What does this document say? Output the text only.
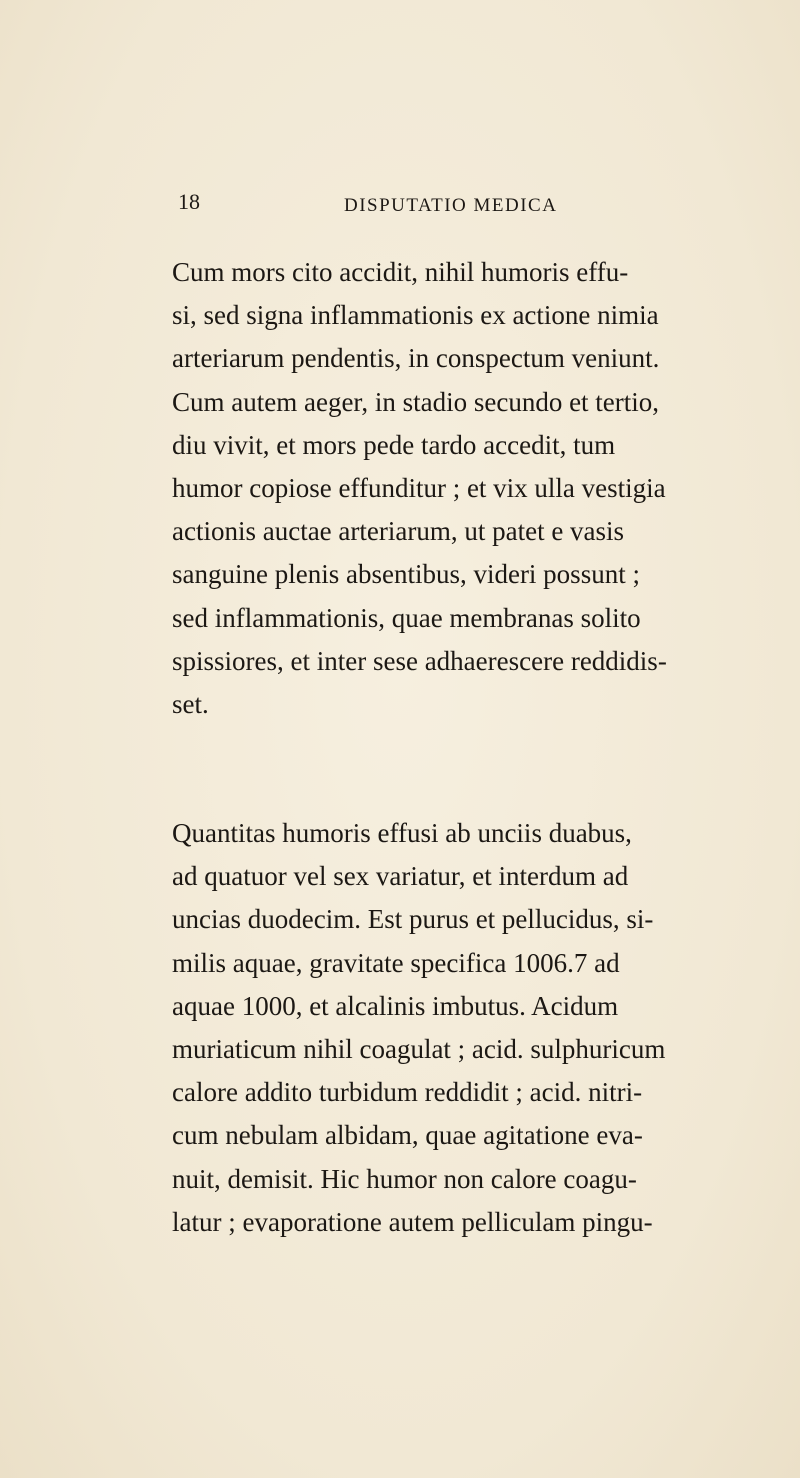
18	DISPUTATIO MEDICA
Cum mors cito accidit, nihil humoris effu-
si, sed signa inflammationis ex actione nimia
arteriarum pendentis, in conspectum veniunt.
Cum autem aeger, in stadio secundo et tertio,
diu vivit, et mors pede tardo accedit, tum
humor copiose effunditur ; et vix ulla vestigia
actionis auctae arteriarum, ut patet e vasis
sanguine plenis absentibus, videri possunt ;
sed inflammationis, quae membranas solito
spissiores, et inter sese adhaerescere reddidis-
set.
Quantitas humoris effusi ab unciis duabus,
ad quatuor vel sex variatur, et interdum ad
uncias duodecim. Est purus et pellucidus, si-
milis aquae, gravitate specifica 1006.7 ad
aquae 1000, et alcalinis imbutus. Acidum
muriaticum nihil coagulat ; acid. sulphuricum
calore addito turbidum reddidit ; acid. nitri-
cum nebulam albidam, quae agitatione eva-
nuit, demisit. Hic humor non calore coagu-
latur ; evaporatione autem pelliculam pingu-
